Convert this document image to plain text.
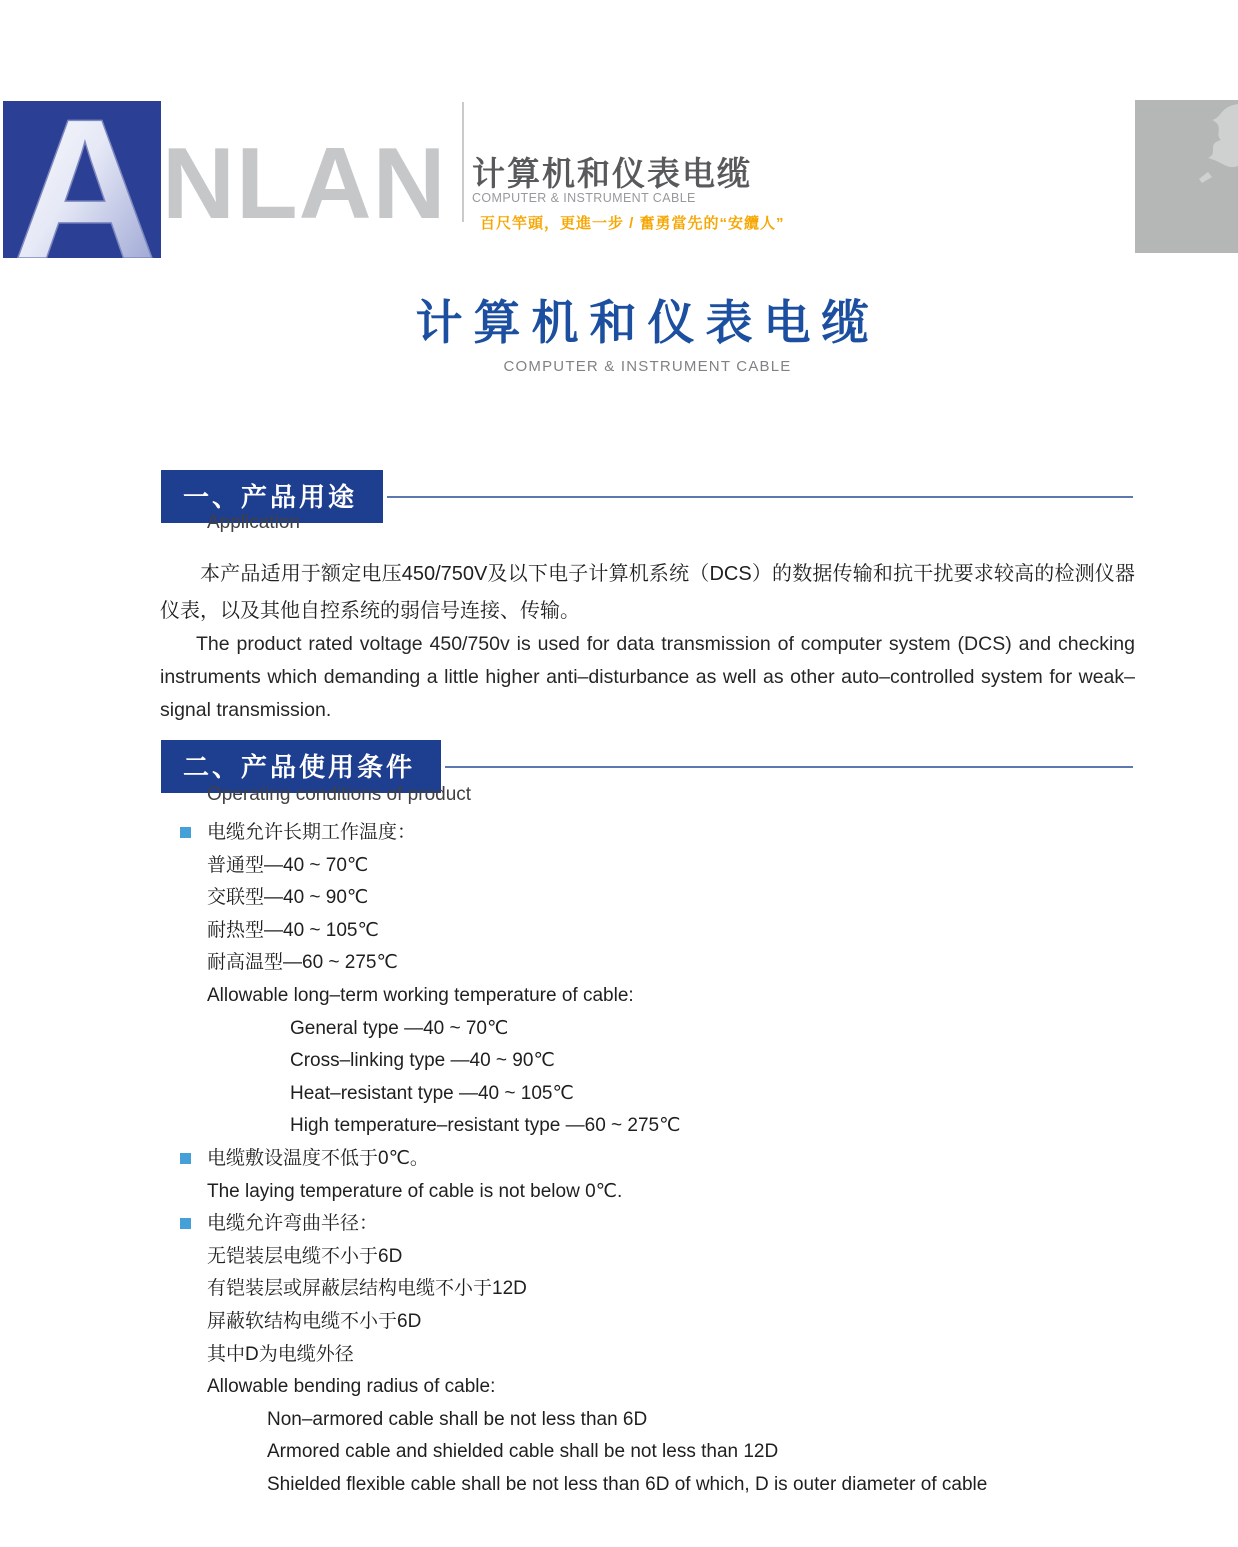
A NLAN 计算机和仪表电缆
COMPUTER & INSTRUMENT CABLE
百尺竿頭，更進一步 / 奮勇當先的“安纜人”
计算机和仪表电缆
COMPUTER & INSTRUMENT CABLE
一、产品用途
Application
本产品适用于额定电压450/750V及以下电子计算机系统（DCS）的数据传输和抗干扰要求较高的检测仪器仪表，以及其他自控系统的弱信号连接、传输。
The product rated voltage 450/750v is used for data transmission of computer system (DCS) and checking instruments which demanding a little higher anti–disturbance as well as other auto–controlled system for weak–signal transmission.
二、产品使用条件
Operating conditions of product
电缆允许长期工作温度：
普通型—40 ~ 70℃
交联型—40 ~ 90℃
耐热型—40 ~ 105℃
耐高温型—60 ~ 275℃
Allowable long–term working temperature of cable:
General type —40 ~ 70℃
Cross–linking type —40 ~ 90℃
Heat–resistant type —40 ~ 105℃
High temperature–resistant type —60 ~ 275℃
电缆敷设温度不低于0℃。
The laying temperature of cable is not below 0℃.
电缆允许弯曲半径：
无铠装层电缆不小于6D
有铠装层或屏蔽层结构电缆不小于12D
屏蔽软结构电缆不小于6D
其中D为电缆外径
Allowable bending radius of cable:
Non–armored cable shall be not less than 6D
Armored cable and shielded cable shall be not less than 12D
Shielded flexible cable shall be not less than 6D of which, D is outer diameter of cable
